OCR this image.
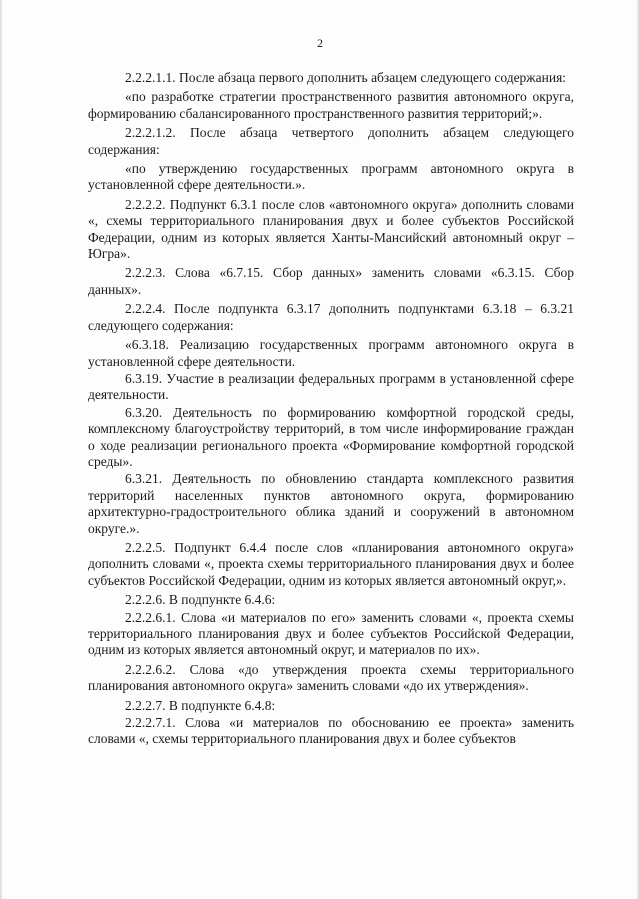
2

2.2.2.1.1. После абзаца первого дополнить абзацем следующего содержания:

«по разработке стратегии пространственного развития автономного округа, формированию сбалансированного пространственного развития территорий;».

2.2.2.1.2. После абзаца четвертого дополнить абзацем следующего содержания:

«по утверждению государственных программ автономного округа в установленной сфере деятельности.».

2.2.2.2. Подпункт 6.3.1 после слов «автономного округа» дополнить словами «, схемы территориального планирования двух и более субъектов Российской Федерации, одним из которых является Ханты-Мансийский автономный округ – Югра».

2.2.2.3. Слова «6.7.15. Сбор данных» заменить словами «6.3.15. Сбор данных».

2.2.2.4. После подпункта 6.3.17 дополнить подпунктами 6.3.18 – 6.3.21 следующего содержания:

«6.3.18. Реализацию государственных программ автономного округа в установленной сфере деятельности.

6.3.19. Участие в реализации федеральных программ в установленной сфере деятельности.

6.3.20. Деятельность по формированию комфортной городской среды, комплексному благоустройству территорий, в том числе информирование граждан о ходе реализации регионального проекта «Формирование комфортной городской среды».

6.3.21. Деятельность по обновлению стандарта комплексного развития территорий населенных пунктов автономного округа, формированию архитектурно-градостроительного облика зданий и сооружений в автономном округе.».

2.2.2.5. Подпункт 6.4.4 после слов «планирования автономного округа» дополнить словами «, проекта схемы территориального планирования двух и более субъектов Российской Федерации, одним из которых является автономный округ,».

2.2.2.6. В подпункте 6.4.6:

2.2.2.6.1. Слова «и материалов по его» заменить словами «, проекта схемы территориального планирования двух и более субъектов Российской Федерации, одним из которых является автономный округ, и материалов по их».

2.2.2.6.2. Слова «до утверждения проекта схемы территориального планирования автономного округа» заменить словами «до их утверждения».

2.2.2.7. В подпункте 6.4.8:

2.2.2.7.1. Слова «и материалов по обоснованию ее проекта» заменить словами «, схемы территориального планирования двух и более субъектов
